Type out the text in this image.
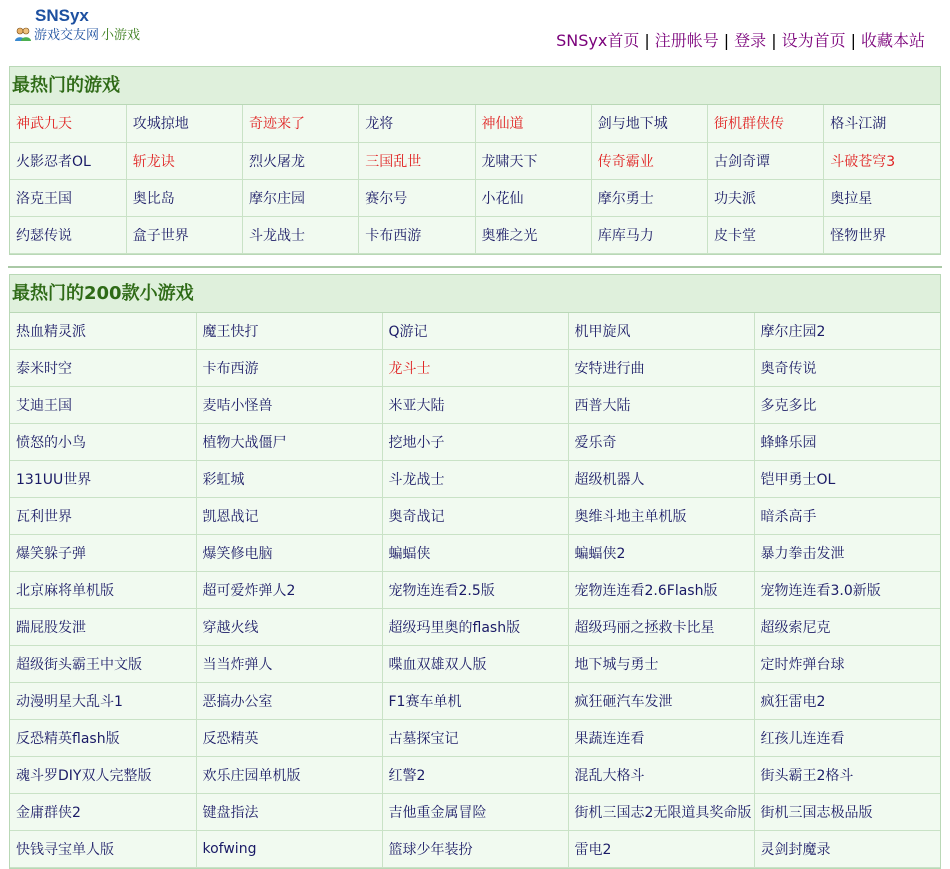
SNSyx
游戏交友网 小游戏	SNSyx首页 | 注册帐号 | 登录 | 设为首页 | 收藏本站
最热门的游戏
神武九天	攻城掠地	奇迹来了	龙将	神仙道	剑与地下城	街机群侠传	格斗江湖
火影忍者OL	斩龙诀	烈火屠龙	三国乱世	龙啸天下	传奇霸业	古剑奇谭	斗破苍穹3
洛克王国	奥比岛	摩尔庄园	赛尔号	小花仙	摩尔勇士	功夫派	奥拉星
约瑟传说	盒子世界	斗龙战士	卡布西游	奥雅之光	库库马力	皮卡堂	怪物世界
最热门的200款小游戏
热血精灵派	魔王快打	Q游记	机甲旋风	摩尔庄园2
泰米时空	卡布西游	龙斗士	安特进行曲	奥奇传说
艾迪王国	麦咭小怪兽	米亚大陆	西普大陆	多克多比
愤怒的小鸟	植物大战僵尸	挖地小子	爱乐奇	蜂蜂乐园
131UU世界	彩虹城	斗龙战士	超级机器人	铠甲勇士OL
瓦利世界	凯恩战记	奥奇战记	奥维斗地主单机版	暗杀高手
爆笑躲子弹	爆笑修电脑	蝙蝠侠	蝙蝠侠2	暴力拳击发泄
北京麻将单机版	超可爱炸弹人2	宠物连连看2.5版	宠物连连看2.6Flash版	宠物连连看3.0新版
踹屁股发泄	穿越火线	超级玛里奥的flash版	超级玛丽之拯救卡比星	超级索尼克
超级街头霸王中文版	当当炸弹人	喋血双雄双人版	地下城与勇士	定时炸弹台球
动漫明星大乱斗1	恶搞办公室	F1赛车单机	疯狂砸汽车发泄	疯狂雷电2
反恐精英flash版	反恐精英	古墓探宝记	果蔬连连看	红孩儿连连看
魂斗罗DIY双人完整版	欢乐庄园单机版	红警2	混乱大格斗	街头霸王2格斗
金庸群侠2	键盘指法	吉他重金属冒险	街机三国志2无限道具奖命版	街机三国志极品版
快钱寻宝单人版	kofwing	篮球少年装扮	雷电2	灵剑封魔录
